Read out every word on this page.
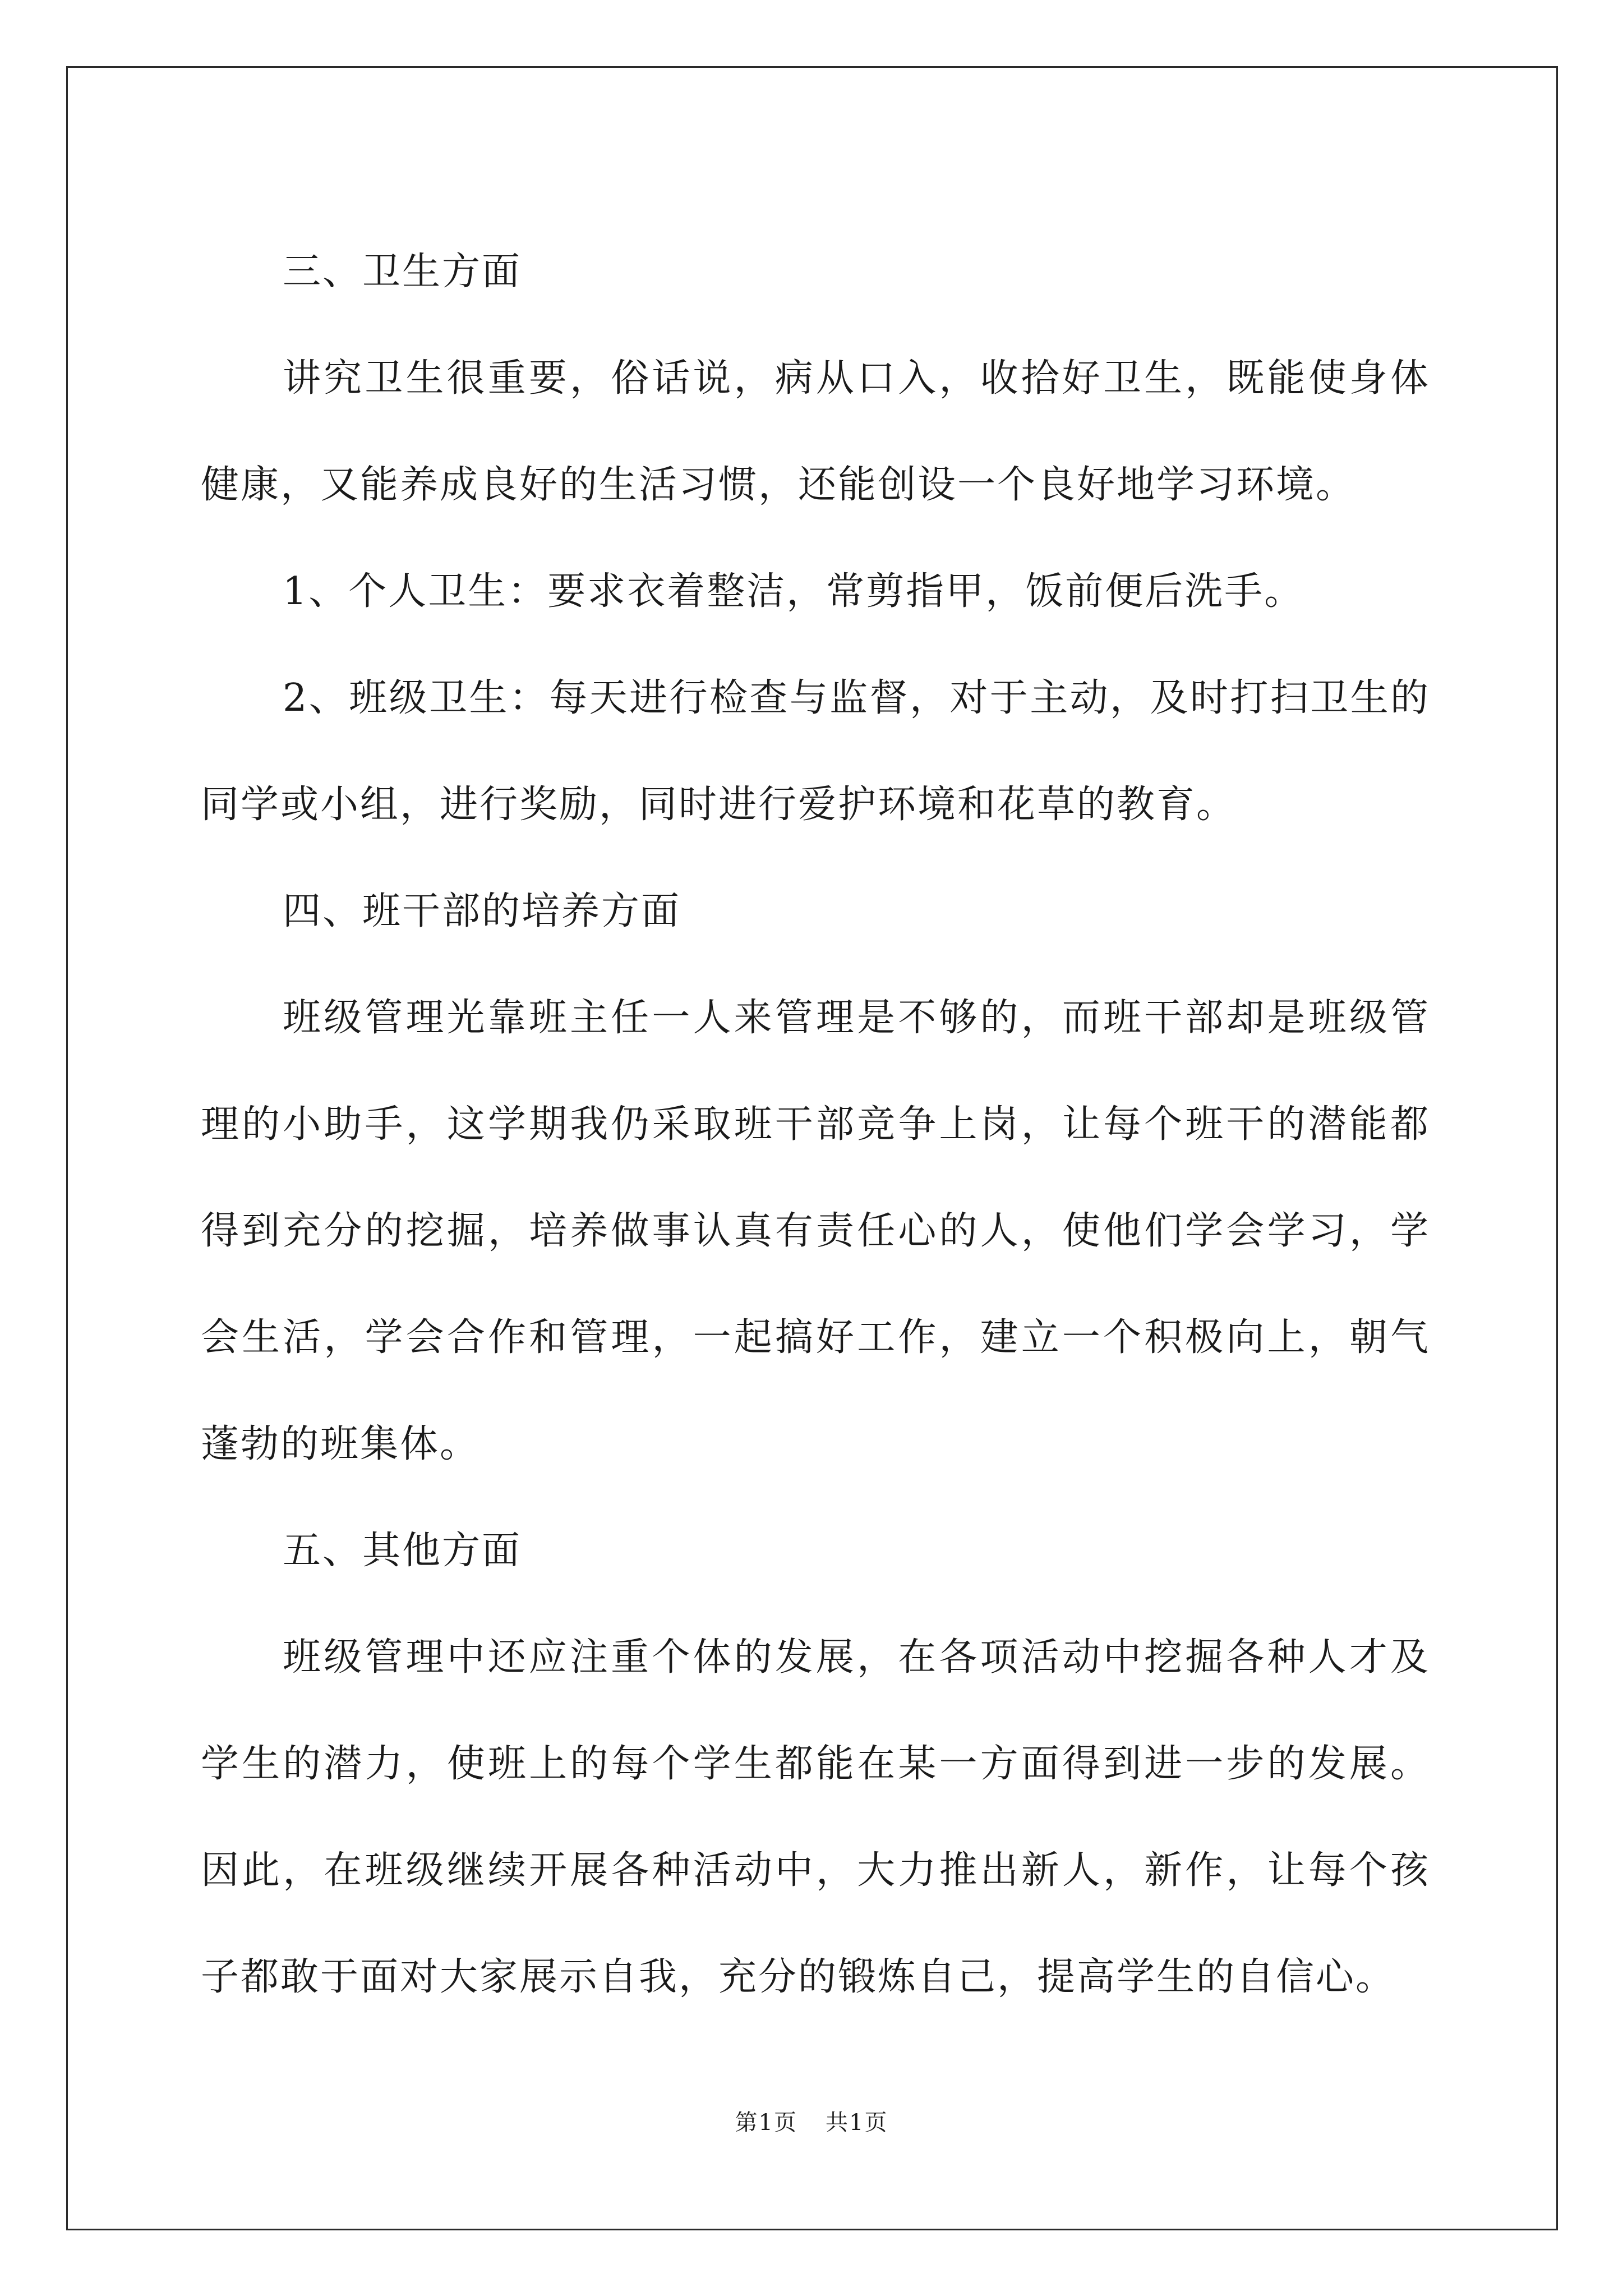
三、卫生方面

讲究卫生很重要，俗话说，病从口入，收拾好卫生，既能使身体健康，又能养成良好的生活习惯，还能创设一个良好地学习环境。

1、个人卫生：要求衣着整洁，常剪指甲，饭前便后洗手。

2、班级卫生：每天进行检查与监督，对于主动，及时打扫卫生的同学或小组，进行奖励，同时进行爱护环境和花草的教育。

四、班干部的培养方面

班级管理光靠班主任一人来管理是不够的，而班干部却是班级管理的小助手，这学期我仍采取班干部竞争上岗，让每个班干的潜能都得到充分的挖掘，培养做事认真有责任心的人，使他们学会学习，学会生活，学会合作和管理，一起搞好工作，建立一个积极向上，朝气蓬勃的班集体。

五、其他方面

班级管理中还应注重个体的发展，在各项活动中挖掘各种人才及学生的潜力，使班上的每个学生都能在某一方面得到进一步的发展。因此，在班级继续开展各种活动中，大力推出新人，新作，让每个孩子都敢于面对大家展示自我，充分的锻炼自己，提高学生的自信心。

第1页 共1页
